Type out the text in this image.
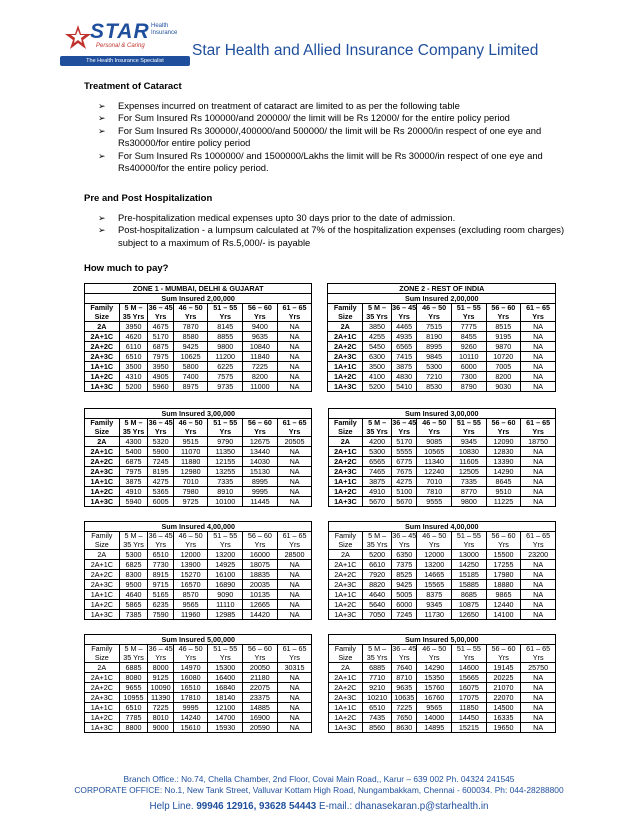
STAR Health
Insurance
Personal & Caring
The Health Insurance Specialist
Star Health and Allied Insurance Company Limited
Treatment of Cataract
➢ Expenses incurred on treatment of cataract are limited to as per the following table
➢ For Sum Insured Rs 100000/and 200000/ the limit will be Rs 12000/ for the entire policy period
➢ For Sum Insured Rs 300000/,400000/and 500000/ the limit will be Rs 20000/in respect of one eye and Rs30000/for entire policy period
➢ For Sum Insured Rs 1000000/ and 1500000/Lakhs the limit will be Rs 30000/in respect of one eye and Rs40000/for the entire policy period.
Pre and Post Hospitalization
➢ Pre-hospitalization medical expenses upto 30 days prior to the date of admission.
➢ Post-hospitalization - a lumpsum calculated at 7% of the hospitalization expenses (excluding room charges) subject to a maximum of Rs.5,000/- is payable
How much to pay?
ZONE 1 - MUMBAI, DELHI & GUJARAT								ZONE 2 - REST OF INDIA						
Sum Insured 2,00,000								Sum Insured 2,00,000						
Family Size	5 M – 35 Yrs	36 – 45 Yrs	46 – 50 Yrs	51 – 55 Yrs	56 – 60 Yrs	61 – 65 Yrs		Family Size	5 M – 35 Yrs	36 – 45 Yrs	46 – 50 Yrs	51 – 55 Yrs	56 – 60 Yrs	61 – 65 Yrs
2A	3950	4675	7870	8145	9400	NA		2A	3850	4465	7515	7775	8515	NA
2A+1C	4620	5170	8580	8855	9635	NA		2A+1C	4255	4935	8190	8455	9195	NA
2A+2C	6110	6875	9425	9800	10840	NA		2A+2C	5450	6565	8995	9260	9870	NA
2A+3C	6510	7975	10625	11200	11840	NA		2A+3C	6300	7415	9845	10110	10720	NA
1A+1C	3500	3950	5800	6225	7225	NA		1A+1C	3500	3875	5300	6000	7005	NA
1A+2C	4310	4905	7400	7575	8200	NA		1A+2C	4100	4830	7210	7300	8200	NA
1A+3C	5200	5960	8975	9735	11000	NA		1A+3C	5200	5410	8530	8790	9030	NA
Sum Insured 3,00,000								Sum Insured 3,00,000						
Family Size	5 M – 35 Yrs	36 – 45 Yrs	46 – 50 Yrs	51 – 55 Yrs	56 – 60 Yrs	61 – 65 Yrs		Family Size	5 M – 35 Yrs	36 – 45 Yrs	46 – 50 Yrs	51 – 55 Yrs	56 – 60 Yrs	61 – 65 Yrs
2A	4300	5320	9515	9790	12675	20505		2A	4200	5170	9085	9345	12090	18750
2A+1C	5400	5900	11070	11350	13440	NA		2A+1C	5300	5555	10565	10830	12830	NA
2A+2C	6875	7245	11880	12155	14030	NA		2A+2C	6565	6775	11340	11605	13390	NA
2A+3C	7975	8195	12980	13255	15130	NA		2A+3C	7465	7675	12240	12505	14290	NA
1A+1C	3875	4275	7010	7335	8995	NA		1A+1C	3875	4275	7010	7335	8645	NA
1A+2C	4910	5365	7980	8910	9995	NA		1A+2C	4910	5100	7810	8770	9510	NA
1A+3C	5940	6005	9725	10100	11445	NA		1A+3C	5670	5670	9555	9800	11225	NA
Sum Insured 4,00,000								Sum Insured 4,00,000						
Family Size	5 M – 35 Yrs	36 – 45 Yrs	46 – 50 Yrs	51 – 55 Yrs	56 – 60 Yrs	61 – 65 Yrs		Family Size	5 M – 35 Yrs	36 – 45 Yrs	46 – 50 Yrs	51 – 55 Yrs	56 – 60 Yrs	61 – 65 Yrs
2A	5300	6510	12000	13200	16000	28500		2A	5200	6350	12000	13000	15500	23200
2A+1C	6825	7730	13900	14925	18075	NA		2A+1C	6610	7375	13200	14250	17255	NA
2A+2C	8300	8915	15270	16100	18835	NA		2A+2C	7920	8525	14665	15185	17980	NA
2A+3C	9500	9715	16570	16890	20035	NA		2A+3C	8820	9425	15565	15885	18880	NA
1A+1C	4640	5165	8570	9090	10135	NA		1A+1C	4640	5005	8375	8685	9865	NA
1A+2C	5865	6235	9565	11110	12665	NA		1A+2C	5640	6000	9345	10875	12440	NA
1A+3C	7385	7590	11960	12985	14420	NA		1A+3C	7050	7245	11730	12650	14100	NA
Sum Insured 5,00,000								Sum Insured 5,00,000						
Family Size	5 M – 35 Yrs	36 – 45 Yrs	46 – 50 Yrs	51 – 55 Yrs	56 – 60 Yrs	61 – 65 Yrs		Family Size	5 M – 35 Yrs	36 – 45 Yrs	46 – 50 Yrs	51 – 55 Yrs	56 – 60 Yrs	61 – 65 Yrs
2A	6885	8000	14970	15300	20050	30315		2A	6885	7640	14290	14600	19145	25750
2A+1C	8080	9125	16080	16400	21180	NA		2A+1C	7710	8710	15350	15665	20225	NA
2A+2C	9655	10090	16510	16840	22075	NA		2A+2C	9210	9635	15760	16075	21070	NA
2A+3C	10955	11390	17810	18140	23375	NA		2A+3C	10210	10635	16760	17075	22070	NA
1A+1C	6510	7225	9995	12100	14885	NA		1A+1C	6510	7225	9565	11850	14500	NA
1A+2C	7785	8010	14240	14700	16900	NA		1A+2C	7435	7650	14000	14450	16335	NA
1A+3C	8800	9000	15610	15930	20590	NA		1A+3C	8560	8630	14895	15215	19650	NA
Branch Office.: No.74, Chella Chamber, 2nd Floor, Covai Main Road,, Karur – 639 002 Ph. 04324 241545
CORPORATE OFFICE: No.1, New Tank Street, Valluvar Kottam High Road, Nungambakkam, Chennai - 600034. Ph: 044-28288800
Help Line. 99946 12916, 93628 54443 E-mail.: dhanasekaran.p@starhealth.in
